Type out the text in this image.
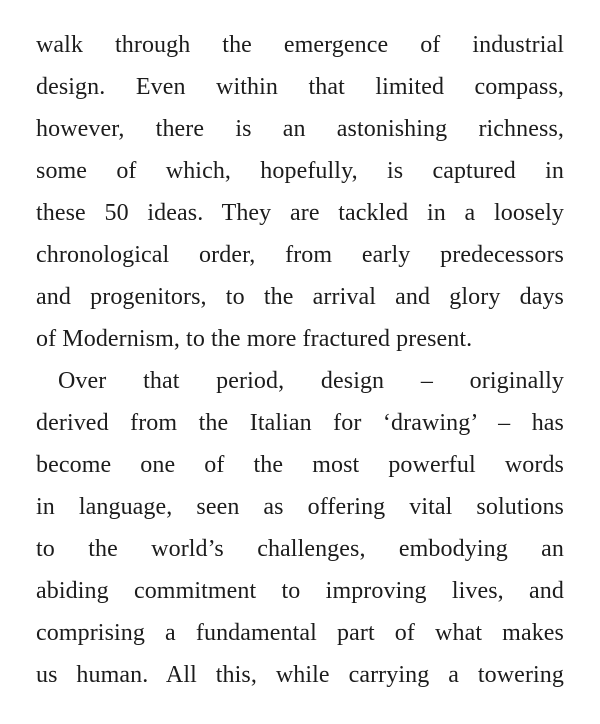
walk through the emergence of industrial
design. Even within that limited compass,
however, there is an astonishing richness,
some of which, hopefully, is captured in
these 50 ideas. They are tackled in a loosely
chronological order, from early predecessors
and progenitors, to the arrival and glory days
of Modernism, to the more fractured present.
Over that period, design – originally
derived from the Italian for ‘drawing’ – has
become one of the most powerful words
in language, seen as offering vital solutions
to the world’s challenges, embodying an
abiding commitment to improving lives, and
comprising a fundamental part of what makes
us human. All this, while carrying a towering
